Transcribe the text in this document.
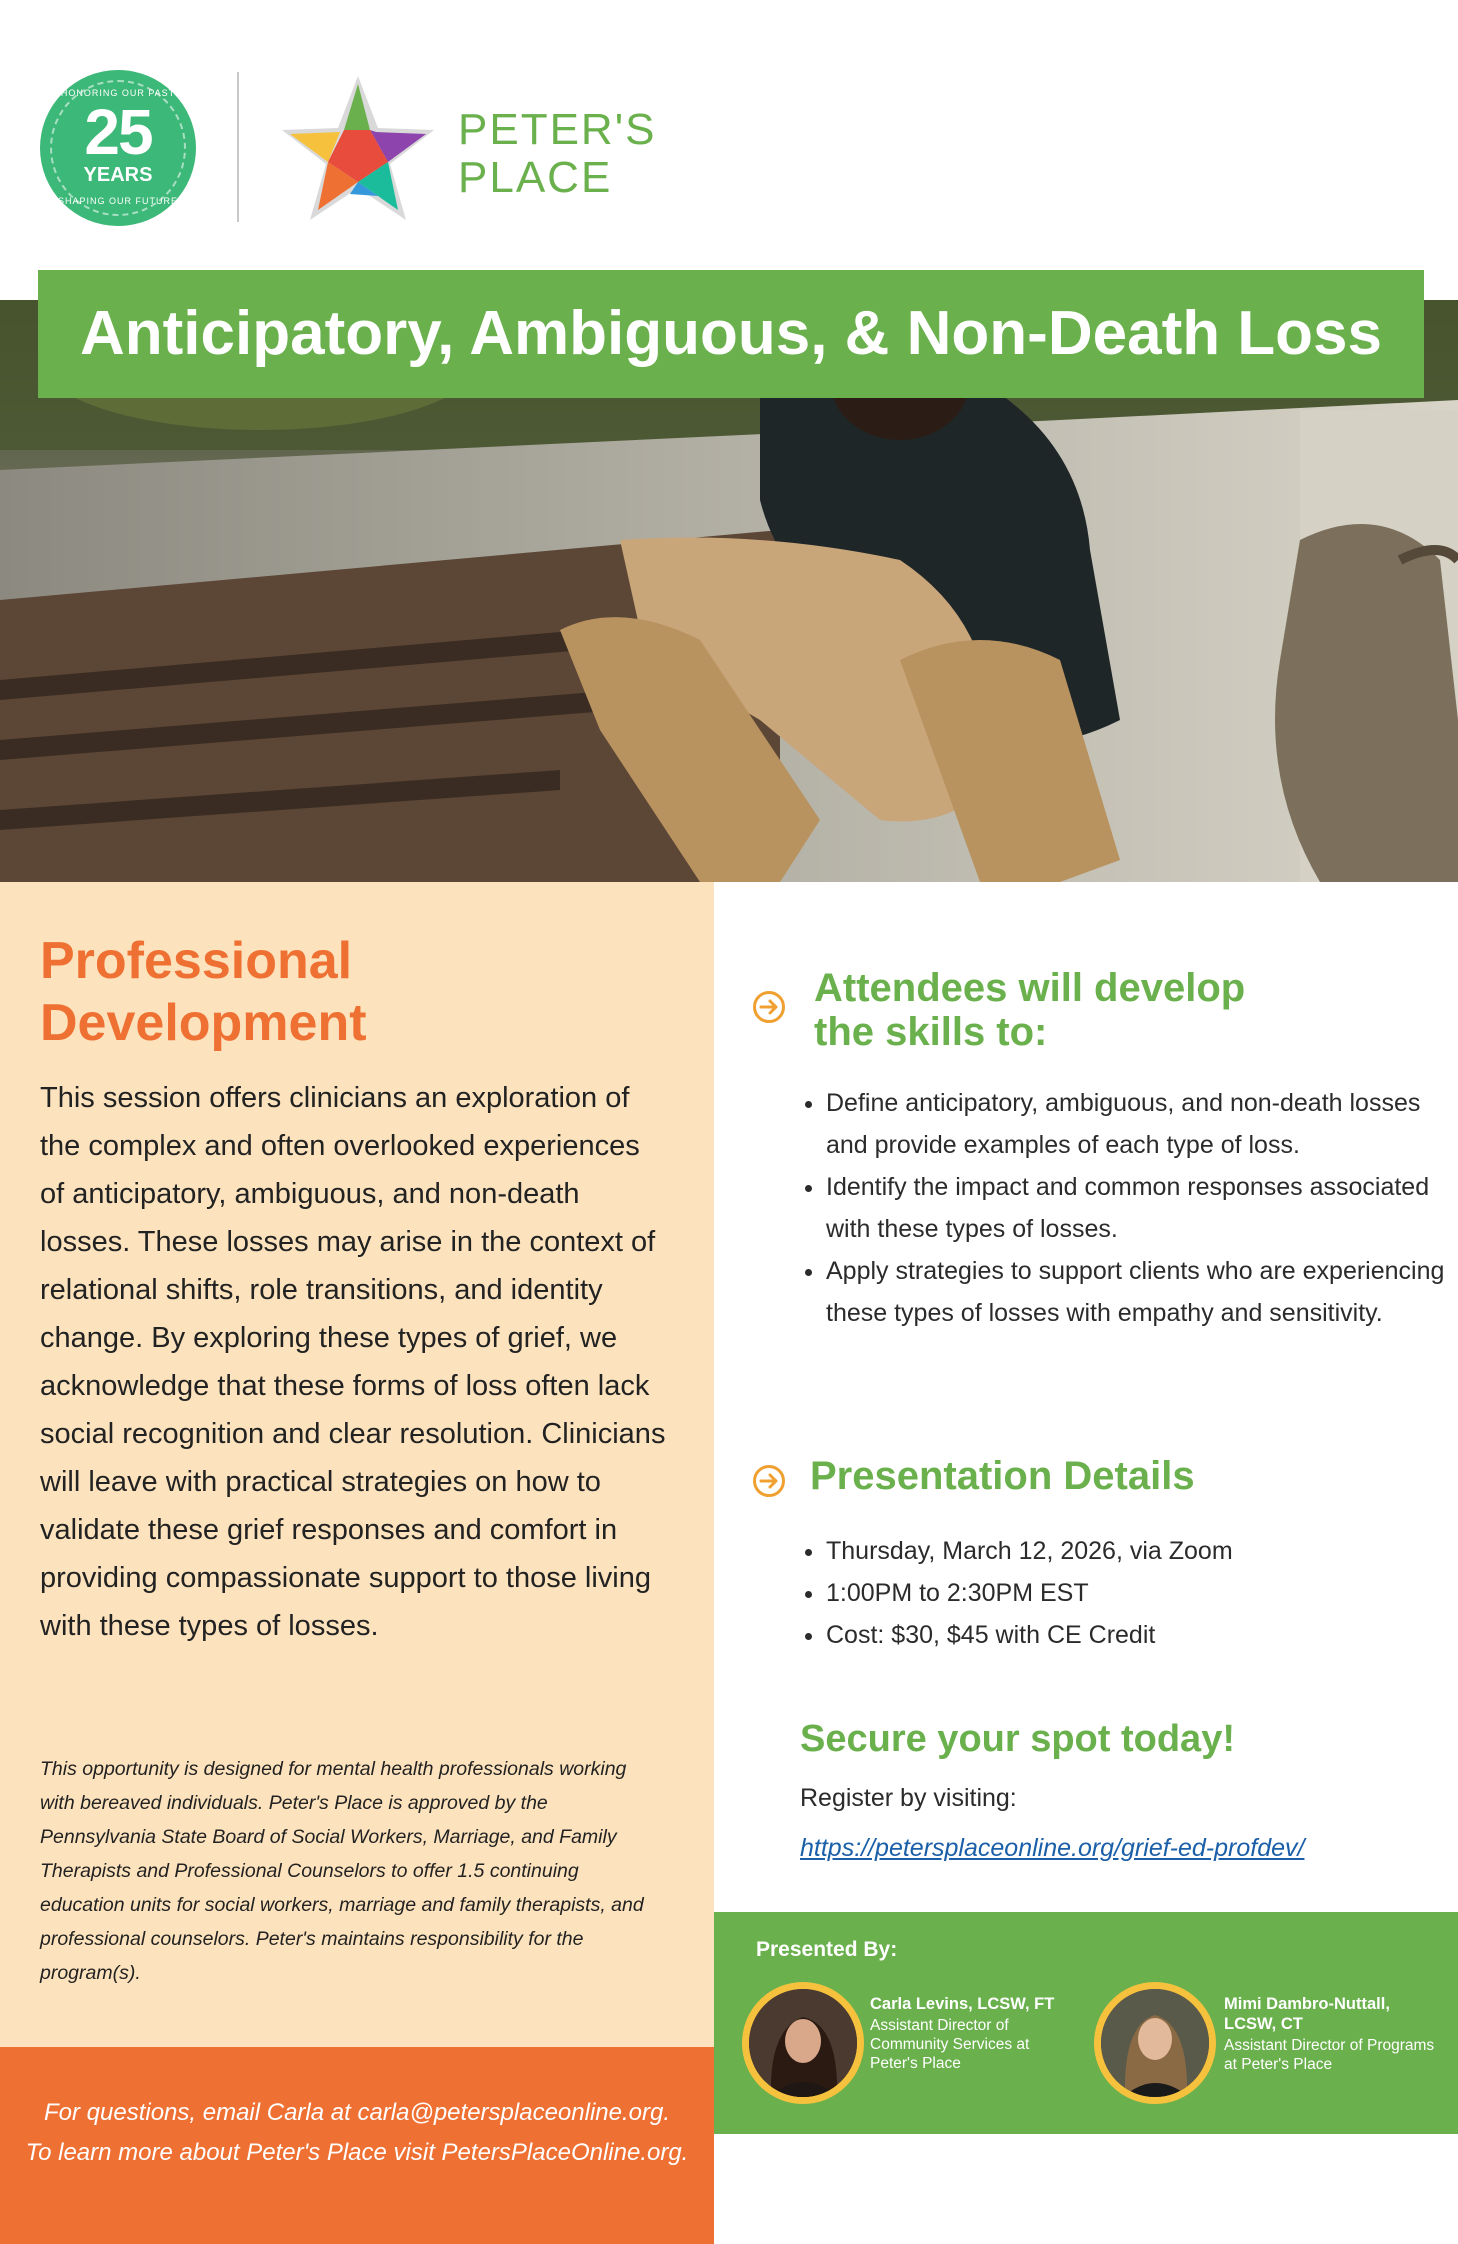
HONORING OUR PAST
25
YEARS
SHAPING OUR FUTURE
PETER'S
PLACE
Anticipatory, Ambiguous, & Non-Death Loss
Professional
Development
This session offers clinicians an exploration of the complex and often overlooked experiences of anticipatory, ambiguous, and non-death losses. These losses may arise in the context of relational shifts, role transitions, and identity change. By exploring these types of grief, we acknowledge that these forms of loss often lack social recognition and clear resolution. Clinicians will leave with practical strategies on how to validate these grief responses and comfort in providing compassionate support to those living with these types of losses.
This opportunity is designed for mental health professionals working with bereaved individuals. Peter's Place is approved by the Pennsylvania State Board of Social Workers, Marriage, and Family Therapists and Professional Counselors to offer 1.5 continuing education units for social workers, marriage and family therapists, and professional counselors. Peter's maintains responsibility for the program(s).
For questions, email Carla at carla@petersplaceonline.org.
To learn more about Peter's Place visit PetersPlaceOnline.org.
Attendees will develop
the skills to:
• Define anticipatory, ambiguous, and non-death losses and provide examples of each type of loss.
• Identify the impact and common responses associated with these types of losses.
• Apply strategies to support clients who are experiencing these types of losses with empathy and sensitivity.
Presentation Details
• Thursday, March 12, 2026, via Zoom
• 1:00PM to 2:30PM EST
• Cost: $30, $45 with CE Credit
Secure your spot today!
Register by visiting:
https://petersplaceonline.org/grief-ed-profdev/
Presented By:
Carla Levins, LCSW, FT
Assistant Director of Community Services at Peter's Place
Mimi Dambro-Nuttall, LCSW, CT
Assistant Director of Programs at Peter's Place
